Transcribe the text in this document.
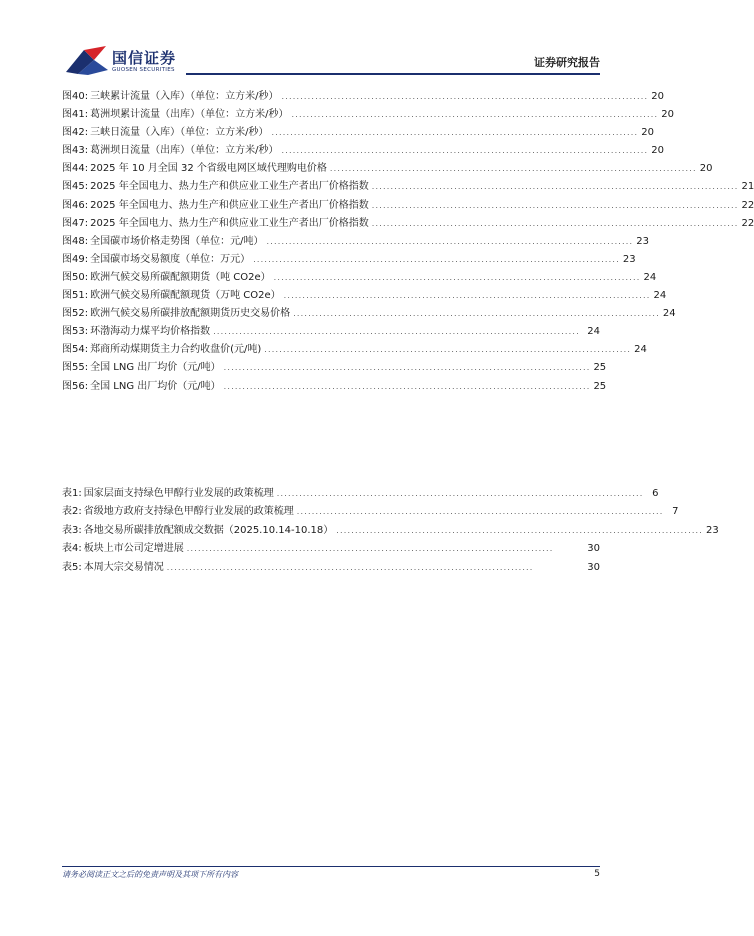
国信证券
GUOSEN SECURITIES
证券研究报告
图40: 三峡累计流量（入库）（单位：立方米/秒） .................................................................................................. 20
图41: 葛洲坝累计流量（出库）（单位：立方米/秒） .................................................................................................. 20
图42: 三峡日流量（入库）（单位：立方米/秒） .................................................................................................. 20
图43: 葛洲坝日流量（出库）（单位：立方米/秒） .................................................................................................. 20
图44: 2025 年 10 月全国 32 个省级电网区域代理购电价格 .................................................................................................. 20
图45: 2025 年全国电力、热力生产和供应业工业生产者出厂价格指数 .................................................................................................. 21
图46: 2025 年全国电力、热力生产和供应业工业生产者出厂价格指数 .................................................................................................. 22
图47: 2025 年全国电力、热力生产和供应业工业生产者出厂价格指数 .................................................................................................. 22
图48: 全国碳市场价格走势图（单位：元/吨） .................................................................................................. 23
图49: 全国碳市场交易额度（单位：万元） .................................................................................................. 23
图50: 欧洲气候交易所碳配额期货（吨 CO2e） .................................................................................................. 24
图51: 欧洲气候交易所碳配额现货（万吨 CO2e） .................................................................................................. 24
图52: 欧洲气候交易所碳排放配额期货历史交易价格 .................................................................................................. 24
图53: 环渤海动力煤平均价格指数 .................................................................................................. 24
图54: 郑商所动煤期货主力合约收盘价(元/吨) .................................................................................................. 24
图55: 全国 LNG 出厂均价（元/吨） .................................................................................................. 25
图56: 全国 LNG 出厂均价（元/吨） .................................................................................................. 25
表1: 国家层面支持绿色甲醇行业发展的政策梳理 .................................................................................................. 6
表2: 省级地方政府支持绿色甲醇行业发展的政策梳理 .................................................................................................. 7
表3: 各地交易所碳排放配额成交数据（2025.10.14-10.18） .................................................................................................. 23
表4: 板块上市公司定增进展 ..................................................................................................	30
表5: 本周大宗交易情况 ..................................................................................................	30
请务必阅读正文之后的免责声明及其项下所有内容	5
